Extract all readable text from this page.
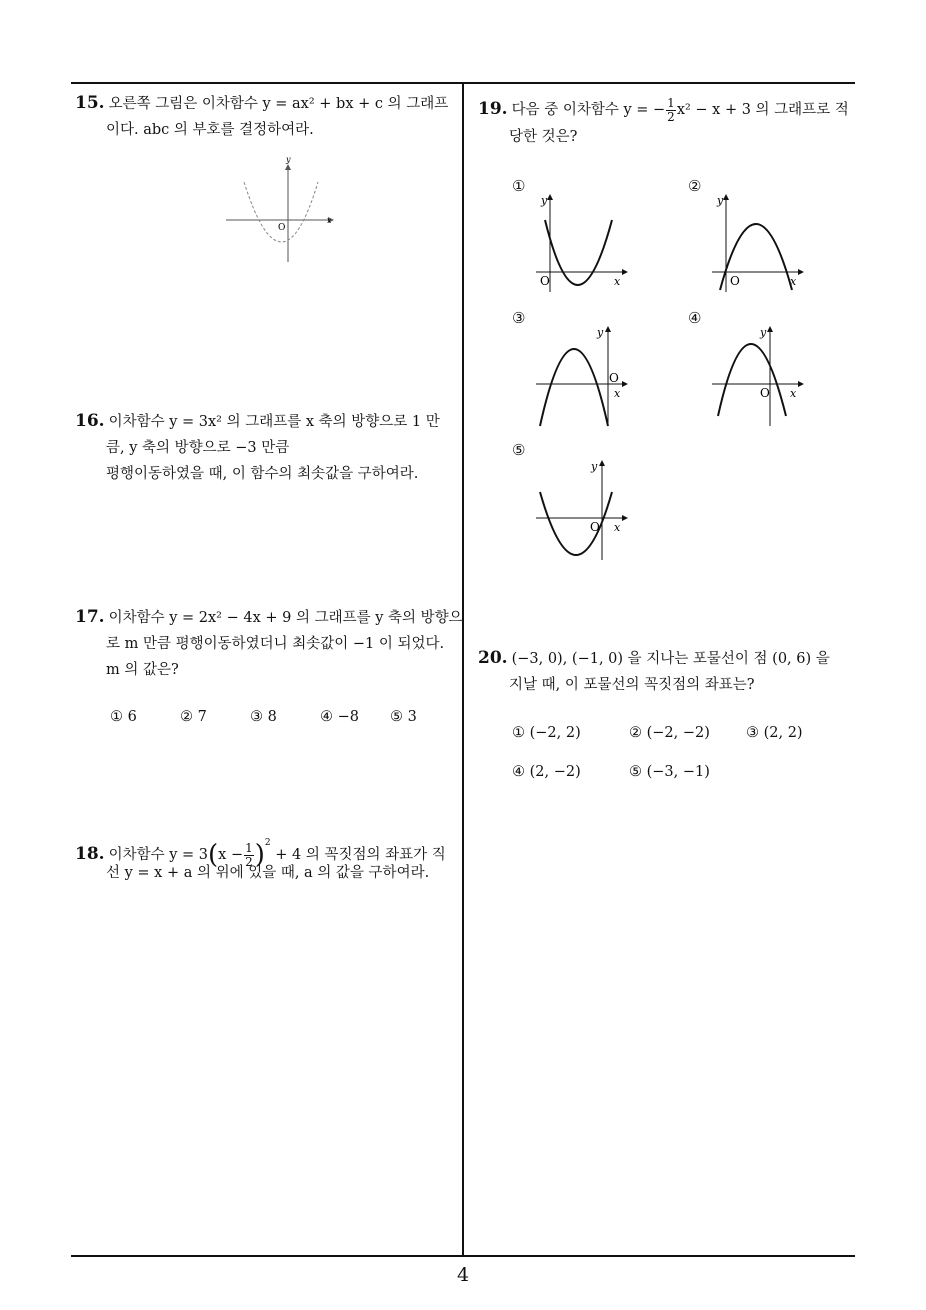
15. 오른쪽 그림은 이차함수 y = ax² + bx + c 의 그래프
이다. abc 의 부호를 결정하여라.
y
x
O
16. 이차함수 y = 3x² 의 그래프를 x 축의 방향으로 1 만
큼, y 축의 방향으로 −3 만큼
평행이동하였을 때, 이 함수의 최솟값을 구하여라.
17. 이차함수 y = 2x² − 4x + 9 의 그래프를 y 축의 방향으
로 m 만큼 평행이동하였더니 최솟값이 −1 이 되었다.
m 의 값은?
① 6	② 7	③ 8	④ −8 ⑤ 3
18. 이차함수 $y = 3(x - \frac{1}{2} )^2 + 4$ 의 꼭짓점의 좌표가 직
선 y = x + a 의 위에 있을 때, a 의 값을 구하여라.
19. 다음 중 이차함수 y = − $\frac{1}{2} x^2 - x + 3$ 의 그래프로 적
당한 것은?
①	②
③	④
⑤
y
x
O
y
x
O
y
x
O
y
x
O
y
x
O
20. (−3, 0), (−1, 0) 을 지나는 포물선이 점 (0, 6) 을
지날 때, 이 포물선의 꼭짓점의 좌표는?
① (−2, 2)	② (−2, −2) ③ (2, 2)
④ (2, −2)	⑤ (−3, −1)
4
